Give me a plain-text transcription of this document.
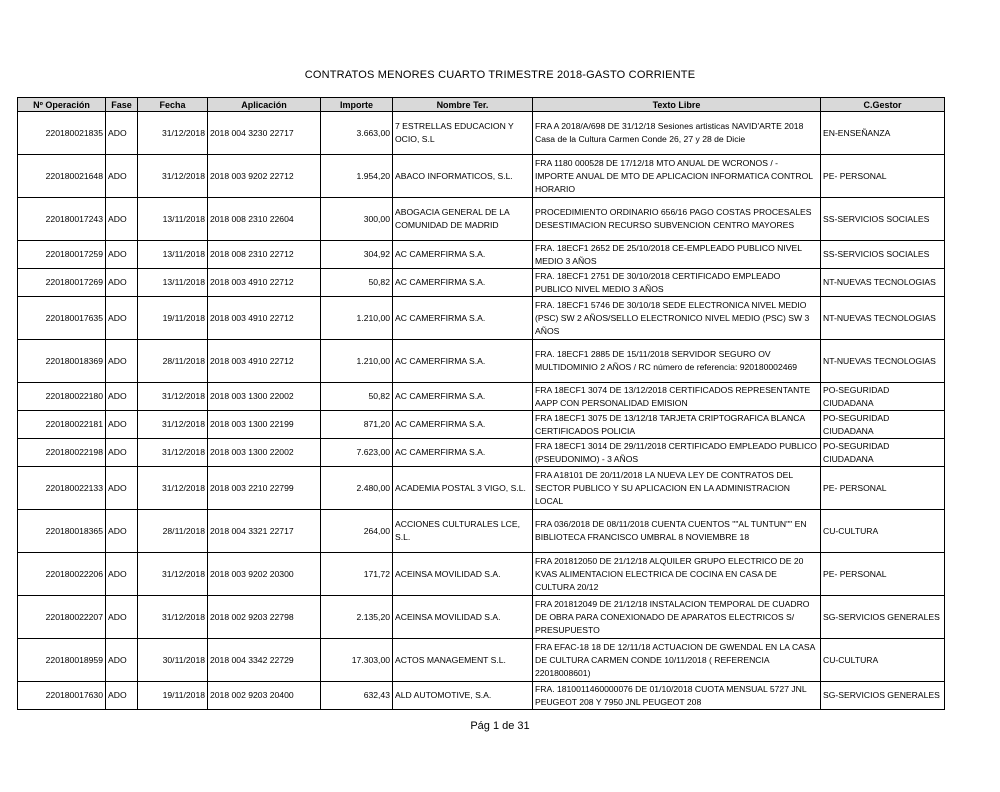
CONTRATOS MENORES CUARTO TRIMESTRE 2018-GASTO CORRIENTE
Nº Operación	Fase	Fecha	Aplicación	Importe	Nombre Ter.	Texto Libre	C.Gestor
220180021835	ADO	31/12/2018	2018 004 3230 22717	3.663,00	7 ESTRELLAS EDUCACION Y OCIO, S.L	FRA A 2018/A/698 DE 31/12/18 Sesiones artisticas NAVID'ARTE 2018 Casa de la Cultura Carmen Conde 26, 27 y 28 de Dicie	EN-ENSEÑANZA
220180021648	ADO	31/12/2018	2018 003 9202 22712	1.954,20	ABACO INFORMATICOS, S.L.	FRA 1180 000528 DE 17/12/18 MTO ANUAL DE WCRONOS / - IMPORTE ANUAL DE MTO DE APLICACION INFORMATICA CONTROL HORARIO	PE- PERSONAL
220180017243	ADO	13/11/2018	2018 008 2310 22604	300,00	ABOGACIA GENERAL DE LA COMUNIDAD DE MADRID	PROCEDIMIENTO ORDINARIO 656/16 PAGO COSTAS PROCESALES DESESTIMACION RECURSO SUBVENCION CENTRO MAYORES	SS-SERVICIOS SOCIALES
220180017259	ADO	13/11/2018	2018 008 2310 22712	304,92	AC CAMERFIRMA S.A.	FRA. 18ECF1 2652 DE 25/10/2018 CE-EMPLEADO PUBLICO NIVEL MEDIO 3 AÑOS	SS-SERVICIOS SOCIALES
220180017269	ADO	13/11/2018	2018 003 4910 22712	50,82	AC CAMERFIRMA S.A.	FRA. 18ECF1 2751 DE 30/10/2018 CERTIFICADO EMPLEADO PUBLICO NIVEL MEDIO 3 AÑOS	NT-NUEVAS TECNOLOGIAS
220180017635	ADO	19/11/2018	2018 003 4910 22712	1.210,00	AC CAMERFIRMA S.A.	FRA. 18ECF1 5746 DE 30/10/18 SEDE ELECTRONICA NIVEL MEDIO (PSC) SW 2 AÑOS/SELLO ELECTRONICO NIVEL MEDIO (PSC) SW 3 AÑOS	NT-NUEVAS TECNOLOGIAS
220180018369	ADO	28/11/2018	2018 003 4910 22712	1.210,00	AC CAMERFIRMA S.A.	FRA. 18ECF1 2885 DE 15/11/2018 SERVIDOR SEGURO OV MULTIDOMINIO 2 AÑOS / RC número de referencia: 920180002469	NT-NUEVAS TECNOLOGIAS
220180022180	ADO	31/12/2018	2018 003 1300 22002	50,82	AC CAMERFIRMA S.A.	FRA 18ECF1 3074 DE 13/12/2018 CERTIFICADOS REPRESENTANTE AAPP CON PERSONALIDAD EMISION	PO-SEGURIDAD CIUDADANA
220180022181	ADO	31/12/2018	2018 003 1300 22199	871,20	AC CAMERFIRMA S.A.	FRA 18ECF1 3075 DE 13/12/18 TARJETA CRIPTOGRAFICA BLANCA CERTIFICADOS POLICIA	PO-SEGURIDAD CIUDADANA
220180022198	ADO	31/12/2018	2018 003 1300 22002	7.623,00	AC CAMERFIRMA S.A.	FRA 18ECF1 3014 DE 29/11/2018 CERTIFICADO EMPLEADO PUBLICO (PSEUDONIMO) - 3 AÑOS	PO-SEGURIDAD CIUDADANA
220180022133	ADO	31/12/2018	2018 003 2210 22799	2.480,00	ACADEMIA POSTAL 3 VIGO, S.L.	FRA A18101 DE 20/11/2018 LA NUEVA LEY DE CONTRATOS DEL SECTOR PUBLICO Y SU APLICACION EN LA ADMINISTRACION LOCAL	PE- PERSONAL
220180018365	ADO	28/11/2018	2018 004 3321 22717	264,00	ACCIONES CULTURALES LCE, S.L.	FRA 036/2018 DE 08/11/2018 CUENTA CUENTOS ""AL TUNTUN"" EN BIBLIOTECA FRANCISCO UMBRAL 8 NOVIEMBRE 18	CU-CULTURA
220180022206	ADO	31/12/2018	2018 003 9202 20300	171,72	ACEINSA MOVILIDAD S.A.	FRA 201812050 DE 21/12/18 ALQUILER GRUPO ELECTRICO DE 20 KVAS ALIMENTACION ELECTRICA DE COCINA EN CASA DE CULTURA 20/12	PE- PERSONAL
220180022207	ADO	31/12/2018	2018 002 9203 22798	2.135,20	ACEINSA MOVILIDAD S.A.	FRA 201812049 DE 21/12/18 INSTALACION TEMPORAL DE CUADRO DE OBRA PARA CONEXIONADO DE APARATOS ELECTRICOS S/ PRESUPUESTO	SG-SERVICIOS GENERALES
220180018959	ADO	30/11/2018	2018 004 3342 22729	17.303,00	ACTOS MANAGEMENT S.L.	FRA EFAC-18 18 DE 12/11/18 ACTUACION DE GWENDAL EN LA CASA DE CULTURA CARMEN CONDE 10/11/2018 ( REFERENCIA 22018008601)	CU-CULTURA
220180017630	ADO	19/11/2018	2018 002 9203 20400	632,43	ALD AUTOMOTIVE, S.A.	FRA. 1810011460000076 DE 01/10/2018 CUOTA MENSUAL 5727 JNL PEUGEOT 208 Y 7950 JNL PEUGEOT 208	SG-SERVICIOS GENERALES
Pág 1 de 31
